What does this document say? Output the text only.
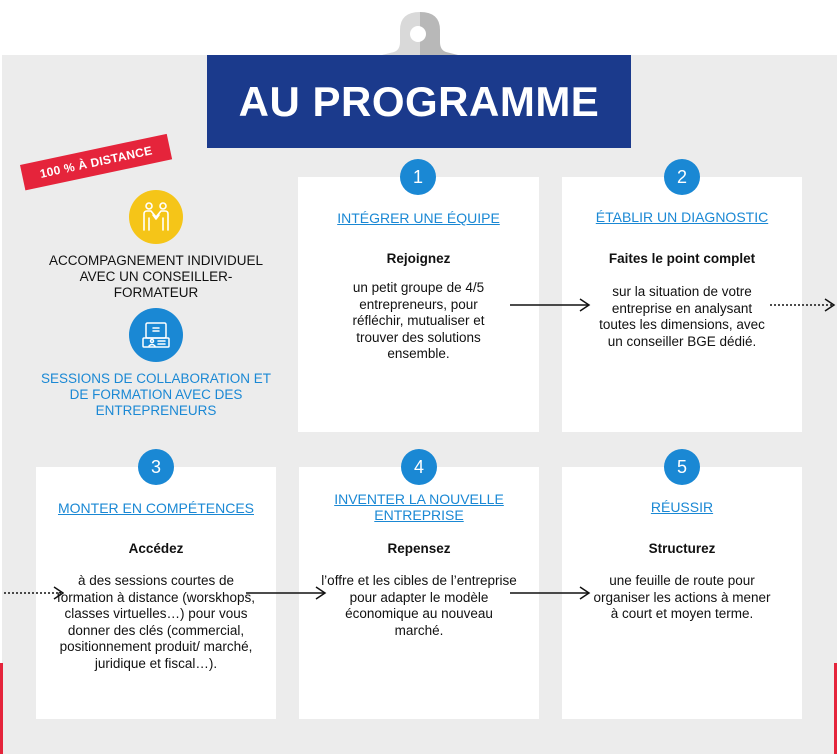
AU PROGRAMME
100 % À DISTANCE
ACCOMPAGNEMENT INDIVIDUEL AVEC UN CONSEILLER-FORMATEUR
SESSIONS DE COLLABORATION ET DE FORMATION AVEC DES ENTREPRENEURS
INTÉGRER UNE ÉQUIPE
Rejoignez
un petit groupe de 4/5 entrepreneurs, pour réfléchir, mutualiser et trouver des solutions ensemble.
1
ÉTABLIR UN DIAGNOSTIC
Faites le point complet
sur la situation de votre entreprise en analysant toutes les dimensions, avec un conseiller BGE dédié.
2
MONTER EN COMPÉTENCES
Accédez
à des sessions courtes de formation à distance (worskhops, classes virtuelles…) pour vous donner des clés (commercial, positionnement produit/ marché, juridique et fiscal…).
3
INVENTER LA NOUVELLE ENTREPRISE
Repensez
l’offre et les cibles de l’entreprise pour adapter le modèle économique au nouveau marché.
4
RÉUSSIR
Structurez
une feuille de route pour organiser les actions à mener à court et moyen terme.
5
